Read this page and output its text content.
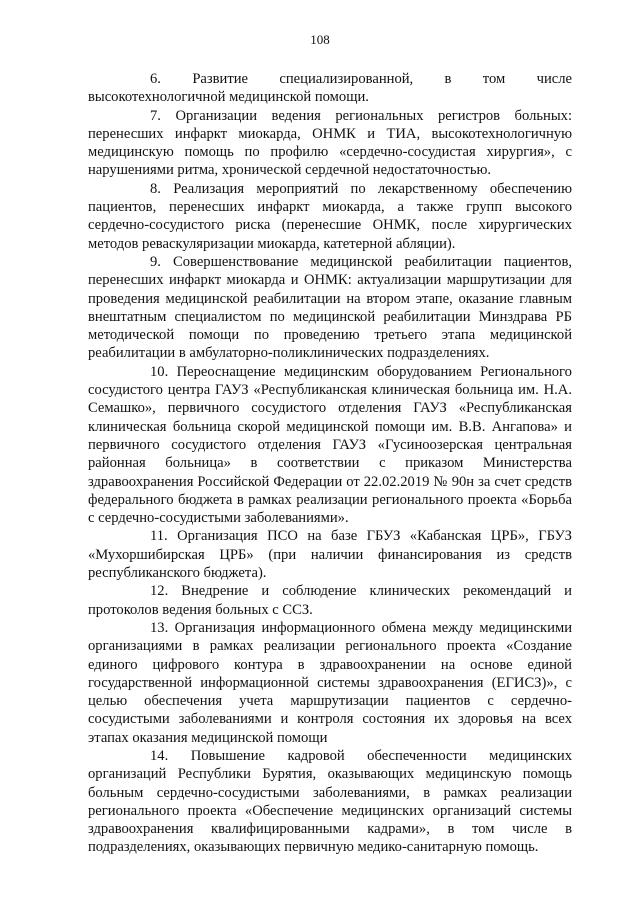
108

6. Развитие специализированной, в том числе высокотехнологичной медицинской помощи.

7. Организации ведения региональных регистров больных: перенесших инфаркт миокарда, ОНМК и ТИА, высокотехнологичную медицинскую помощь по профилю «сердечно-сосудистая хирургия», с нарушениями ритма, хронической сердечной недостаточностью.

8. Реализация мероприятий по лекарственному обеспечению пациентов, перенесших инфаркт миокарда, а также групп высокого сердечно-сосудистого риска (перенесшие ОНМК, после хирургических методов реваскуляризации миокарда, катетерной абляции).

9. Совершенствование медицинской реабилитации пациентов, перенесших инфаркт миокарда и ОНМК: актуализации маршрутизации для проведения медицинской реабилитации на втором этапе, оказание главным внештатным специалистом по медицинской реабилитации Минздрава РБ методической помощи по проведению третьего этапа медицинской реабилитации в амбулаторно-поликлинических подразделениях.

10. Переоснащение медицинским оборудованием Регионального сосудистого центра ГАУЗ «Республиканская клиническая больница им. Н.А. Семашко», первичного сосудистого отделения ГАУЗ «Республиканская клиническая больница скорой медицинской помощи им. В.В. Ангапова» и первичного сосудистого отделения ГАУЗ «Гусиноозерская центральная районная больница» в соответствии с приказом Министерства здравоохранения Российской Федерации от 22.02.2019 № 90н за счет средств федерального бюджета в рамках реализации регионального проекта «Борьба с сердечно-сосудистыми заболеваниями».

11. Организация ПСО на базе ГБУЗ «Кабанская ЦРБ», ГБУЗ «Мухоршибирская ЦРБ» (при наличии финансирования из средств республиканского бюджета).

12. Внедрение и соблюдение клинических рекомендаций и протоколов ведения больных с ССЗ.

13. Организация информационного обмена между медицинскими организациями в рамках реализации регионального проекта «Создание единого цифрового контура в здравоохранении на основе единой государственной информационной системы здравоохранения (ЕГИСЗ)», с целью обеспечения учета маршрутизации пациентов с сердечно-сосудистыми заболеваниями и контроля состояния их здоровья на всех этапах оказания медицинской помощи

14. Повышение кадровой обеспеченности медицинских организаций Республики Бурятия, оказывающих медицинскую помощь больным сердечно-сосудистыми заболеваниями, в рамках реализации регионального проекта «Обеспечение медицинских организаций системы здравоохранения квалифицированными кадрами», в том числе в подразделениях, оказывающих первичную медико-санитарную помощь.
